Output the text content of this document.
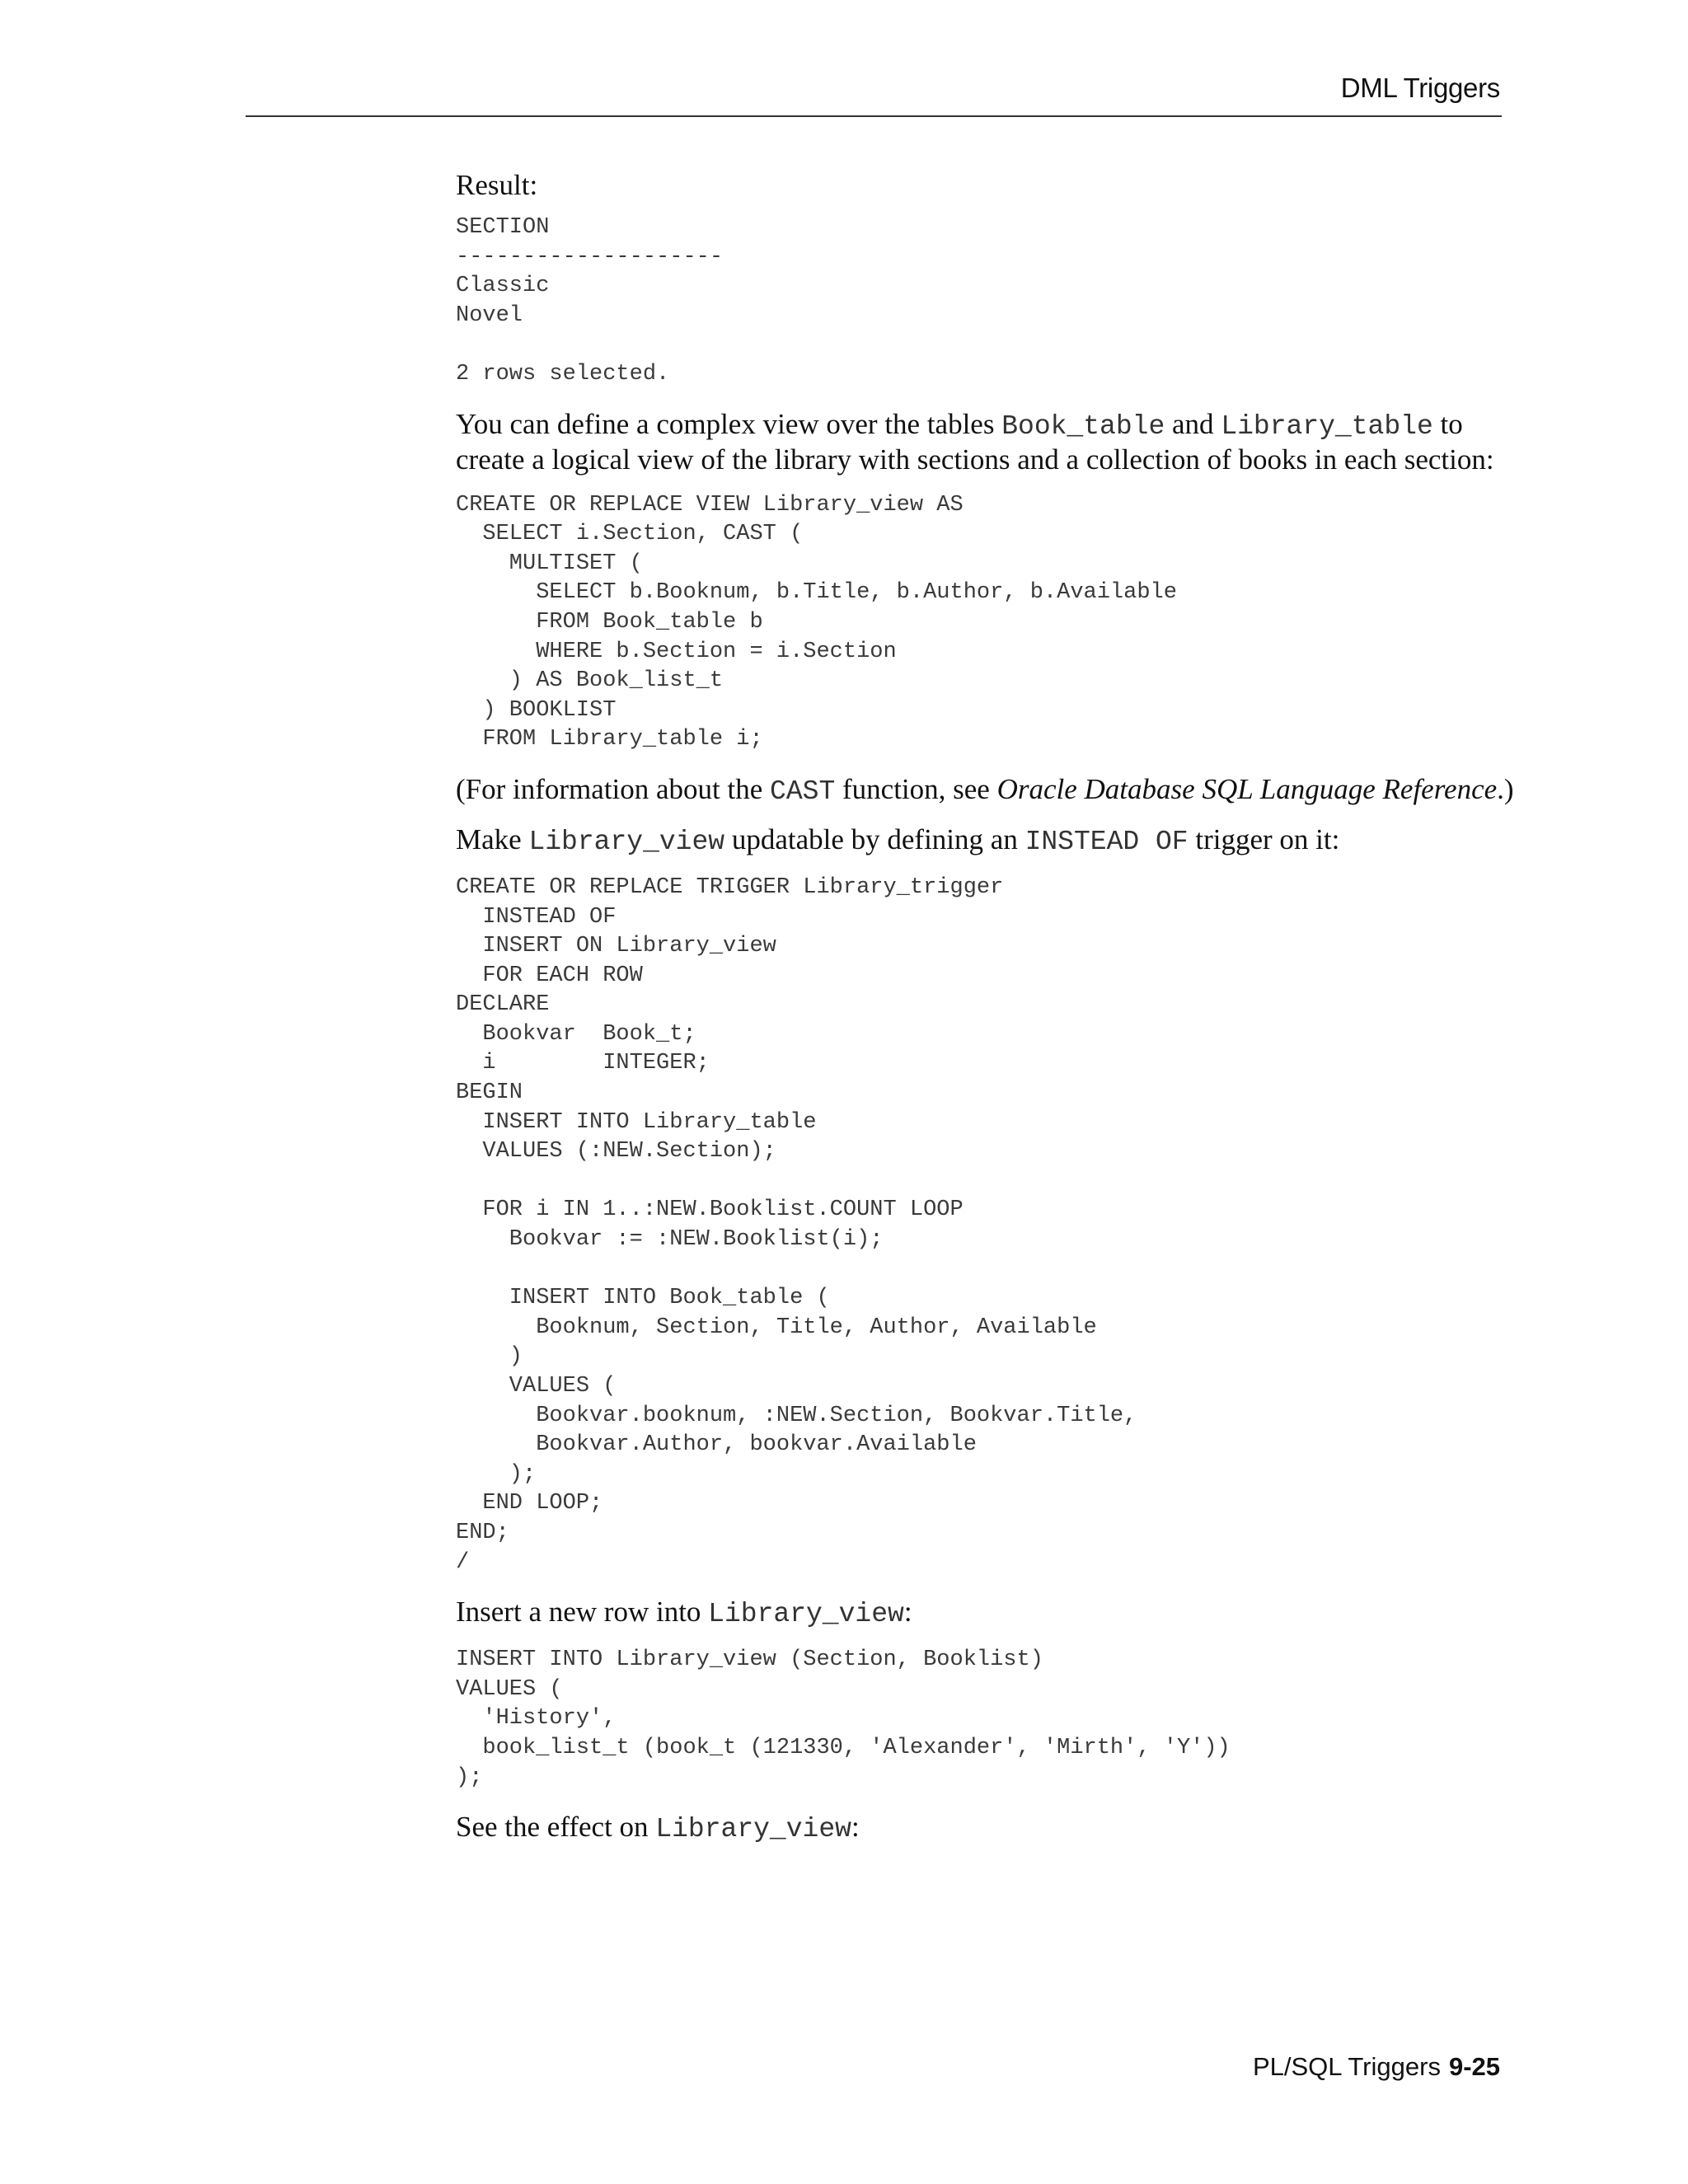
DML Triggers

Result:

SECTION
--------------------
Classic
Novel

2 rows selected.

You can define a complex view over the tables Book_table and Library_table to create a logical view of the library with sections and a collection of books in each section:

CREATE OR REPLACE VIEW Library_view AS
SELECT i.Section, CAST (
MULTISET (
SELECT b.Booknum, b.Title, b.Author, b.Available
FROM Book_table b
WHERE b.Section = i.Section
) AS Book_list_t
) BOOKLIST
FROM Library_table i;

(For information about the CAST function, see Oracle Database SQL Language Reference.)

Make Library_view updatable by defining an INSTEAD OF trigger on it:

CREATE OR REPLACE TRIGGER Library_trigger
INSTEAD OF
INSERT ON Library_view
FOR EACH ROW
DECLARE
Bookvar  Book_t;
i        INTEGER;
BEGIN
INSERT INTO Library_table
VALUES (:NEW.Section);

FOR i IN 1..:NEW.Booklist.COUNT LOOP
Bookvar := :NEW.Booklist(i);

INSERT INTO Book_table (
Booknum, Section, Title, Author, Available
)
VALUES (
Bookvar.booknum, :NEW.Section, Bookvar.Title,
Bookvar.Author, bookvar.Available
);
END LOOP;
END;
/

Insert a new row into Library_view:

INSERT INTO Library_view (Section, Booklist)
VALUES (
'History',
book_list_t (book_t (121330, 'Alexander', 'Mirth', 'Y'))
);

See the effect on Library_view:

PL/SQL Triggers 9-25
